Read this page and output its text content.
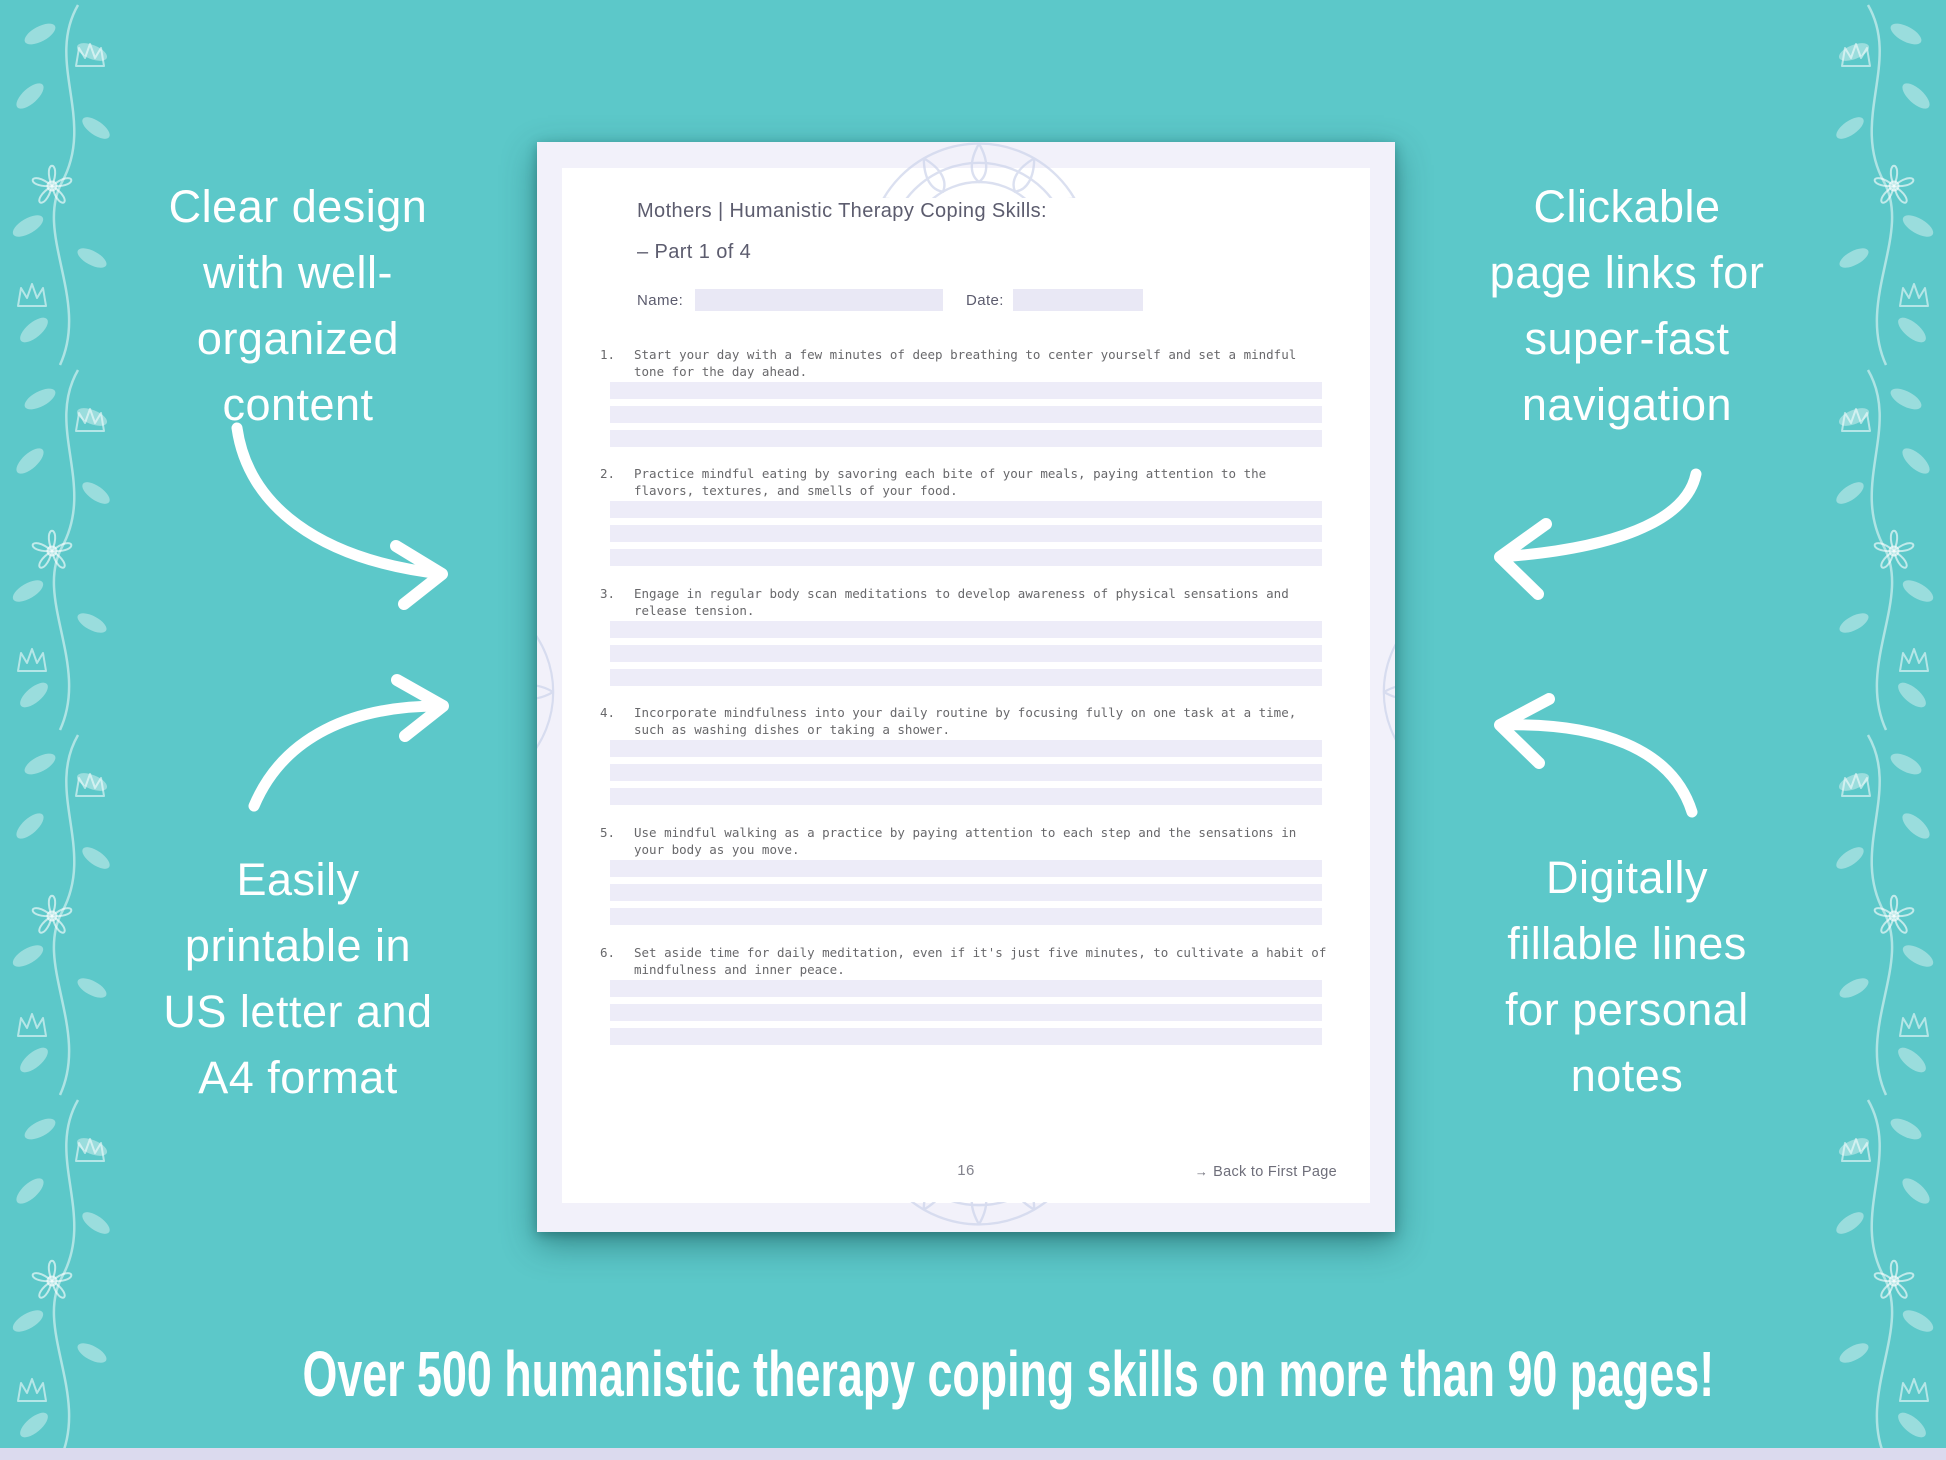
Clear design
with well-
organized
content
Easily
printable in
US letter and
A4 format
Clickable
page links for
super-fast
navigation
Digitally
fillable lines
for personal
notes
Mothers | Humanistic Therapy Coping Skills:
– Part 1 of 4
Name:	Date:
1. Start your day with a few minutes of deep breathing to center yourself and set a mindful tone for the day ahead.
2. Practice mindful eating by savoring each bite of your meals, paying attention to the flavors, textures, and smells of your food.
3. Engage in regular body scan meditations to develop awareness of physical sensations and release tension.
4. Incorporate mindfulness into your daily routine by focusing fully on one task at a time, such as washing dishes or taking a shower.
5. Use mindful walking as a practice by paying attention to each step and the sensations in your body as you move.
6. Set aside time for daily meditation, even if it's just five minutes, to cultivate a habit of mindfulness and inner peace.
16	→ Back to First Page
Over 500 humanistic therapy coping skills on more than 90 pages!
